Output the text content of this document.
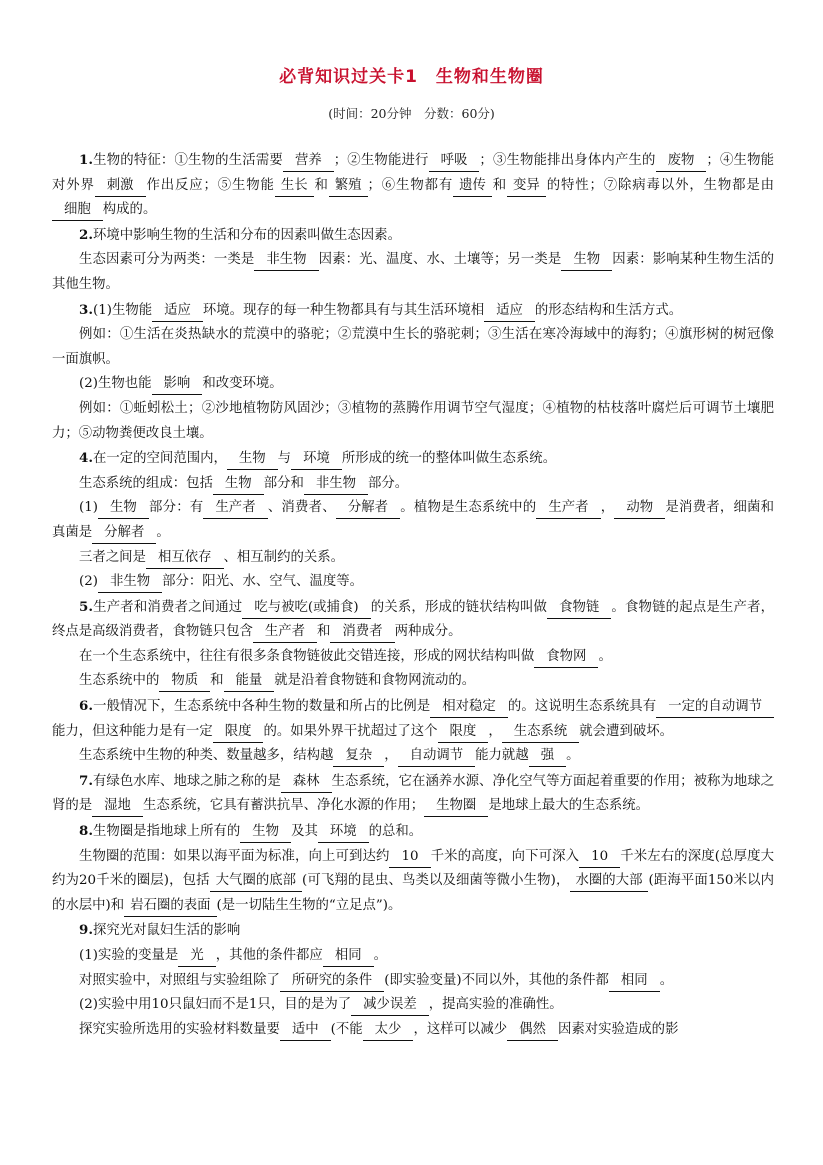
必背知识过关卡1　生物和生物圈
(时间：20分钟　分数：60分)

1.生物的特征：①生物的生活需要 营养 ；②生物能进行 呼吸 ；③生物能排出身体内产生的 废物 ；④生物能对外界 刺激 作出反应；⑤生物能 生长 和 繁殖 ；⑥生物都有 遗传 和 变异 的特性；⑦除病毒以外，生物都是由细胞 构成的。

2.环境中影响生物的生活和分布的因素叫做生态因素。

生态因素可分为两类：一类是 非生物 因素：光、温度、水、土壤等；另一类是 生物 因素：影响某种生物生活的其他生物。

3.(1)生物能 适应 环境。现存的每一种生物都具有与其生活环境相 适应 的形态结构和生活方式。

例如：①生活在炎热缺水的荒漠中的骆驼；②荒漠中生长的骆驼刺；③生活在寒冷海域中的海豹；④旗形树的树冠像一面旗帜。

(2)生物也能 影响 和改变环境。

例如：①蚯蚓松土；②沙地植物防风固沙；③植物的蒸腾作用调节空气湿度；④植物的枯枝落叶腐烂后可调节土壤肥力；⑤动物粪便改良土壤。

4.在一定的空间范围内， 生物 与 环境 所形成的统一的整体叫做生态系统。

生态系统的组成：包括 生物 部分和 非生物 部分。

(1) 生物 部分：有 生产者 、消费者、 分解者 。植物是生态系统中的 生产者 ， 动物 是消费者，细菌和真菌是 分解者 。

三者之间是 相互依存 、相互制约的关系。

(2) 非生物 部分：阳光、水、空气、温度等。

5.生产者和消费者之间通过 吃与被吃(或捕食) 的关系，形成的链状结构叫做 食物链 。食物链的起点是生产者，终点是高级消费者，食物链只包含 生产者 和 消费者 两种成分。

在一个生态系统中，往往有很多条食物链彼此交错连接，形成的网状结构叫做 食物网 。

生态系统中的 物质 和 能量 就是沿着食物链和食物网流动的。

6.一般情况下，生态系统中各种生物的数量和所占的比例是 相对稳定 的。这说明生态系统具有 一定的自动调节能力，但这种能力是有一定 限度 的。如果外界干扰超过了这个 限度 ， 生态系统 就会遭到破坏。

生态系统中生物的种类、数量越多，结构越 复杂 ， 自动调节 能力就越 强 。

7.有绿色水库、地球之肺之称的是 森林 生态系统，它在涵养水源、净化空气等方面起着重要的作用；被称为地球之肾的是 湿地 生态系统，它具有蓄洪抗旱、净化水源的作用； 生物圈 是地球上最大的生态系统。

8.生物圈是指地球上所有的 生物 及其 环境 的总和。

生物圈的范围：如果以海平面为标准，向上可到达约 10 千米的高度，向下可深入 10 千米左右的深度(总厚度大约为20千米的圈层)，包括 大气圈的底部 (可飞翔的昆虫、鸟类以及细菌等微小生物)， 水圈的大部 (距海平面150米以内的水层中)和 岩石圈的表面 (是一切陆生生物的“立足点”)。

9.探究光对鼠妇生活的影响

(1)实验的变量是 光 ，其他的条件都应 相同 。

对照实验中，对照组与实验组除了 所研究的条件 (即实验变量)不同以外，其他的条件都 相同 。

(2)实验中用10只鼠妇而不是1只，目的是为了 减少误差 ，提高实验的准确性。

探究实验所选用的实验材料数量要 适中 (不能 太少 ，这样可以减少 偶然 因素对实验造成的影
